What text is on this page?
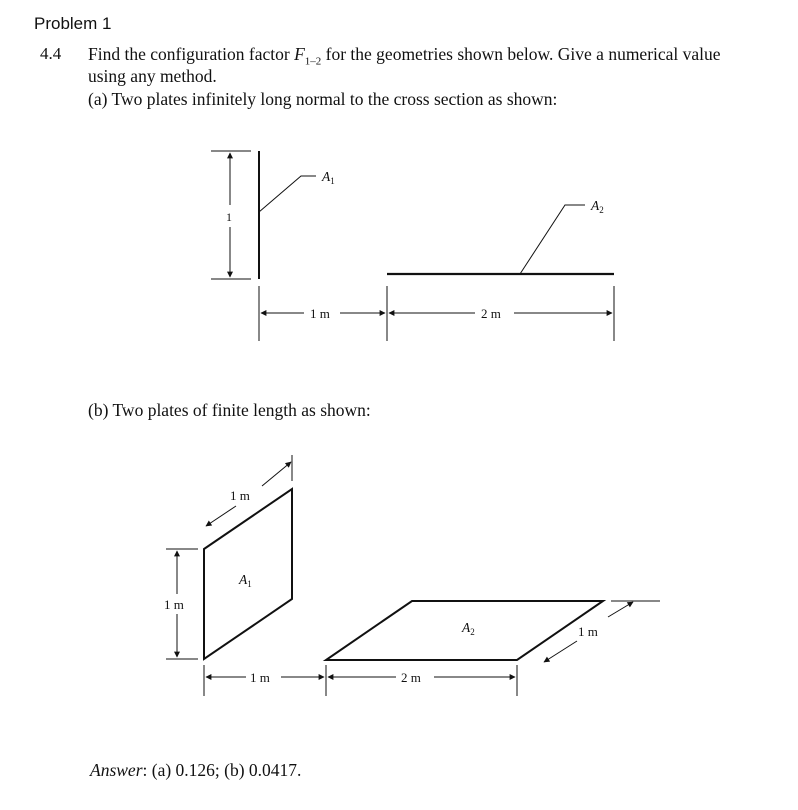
Problem 1
4.4 Find the configuration factor $F_{1-2}$ for the geometries shown below. Give a numerical value
using any method.
(a) Two plates infinitely long normal to the cross section as shown:
(b) Two plates of finite length as shown:
Answer: (a) 0.126; (b) 0.0417.
$A_1$
$A_2$
1
1 m	2 m
1 m
$A_1$
1 m
$A_2$	1 m
1 m	2 m
